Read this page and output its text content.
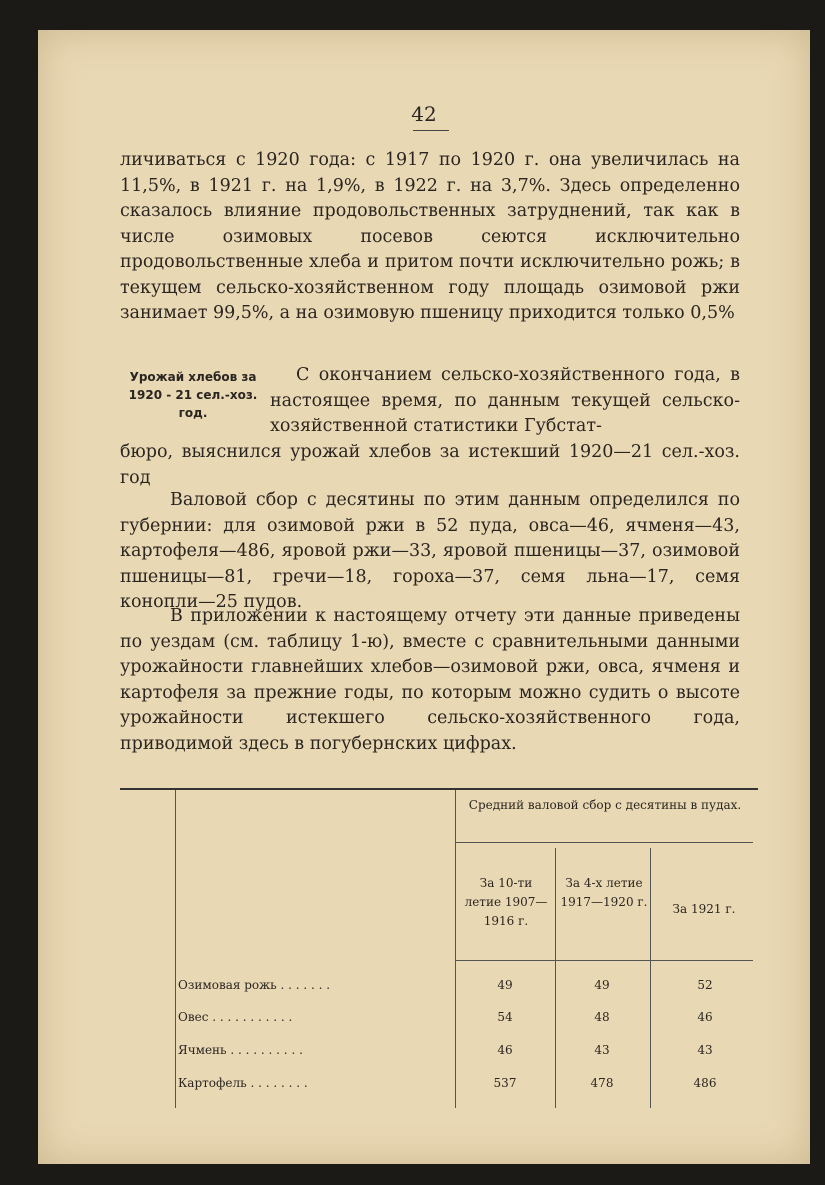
42

личиваться с 1920 года: с 1917 по 1920 г. она увеличилась на 11,5%, в 1921 г. на 1,9%, в 1922 г. на 3,7%. Здесь определенно сказалось влияние продовольственных затруднений, так как в числе озимовых посевов сеются исключительно продовольственные хлеба и притом почти исключительно рожь; в текущем сельско-хозяйственном году площадь озимовой ржи занимает 99,5%, а на озимовую пшеницу приходится только 0,5%

Урожай хлебов за 1920 - 21 сел.-хоз. год.
С окончанием сельско-хозяйственного года, в настоящее время, по данным текущей сельско-хозяйственной статистики Губстат-

бюро, выяснился урожай хлебов за истекший 1920—21 сел.-хоз. год

Валовой сбор с десятины по этим данным определился по губернии: для озимовой ржи в 52 пуда, овса—46, ячменя—43, картофеля—486, яровой ржи—33, яровой пшеницы—37, озимовой пшеницы—81, гречи—18, гороха—37, семя льна—17, семя конопли—25 пудов.

В приложении к настоящему отчету эти данные приведены по уездам (см. таблицу 1-ю), вместе с сравнительными данными урожайности главнейших хлебов—озимовой ржи, овса, ячменя и картофеля за прежние годы, по которым можно судить о высоте урожайности истекшего сельско-хозяйственного года, приводимой здесь в погубернских цифрах.

Средний валовой сбор с десятины в пудах.
За 10-ти летие 1907—1916 г.
За 4-х летие 1917—1920 г.	За 1921 г.
Озимовая рожь . . . . . . .	49	49	52
Овес . . . . . . . . . . .	54	48	46
Ячмень . . . . . . . . . .	46	43	43
Картофель . . . . . . . .	537	478	486
